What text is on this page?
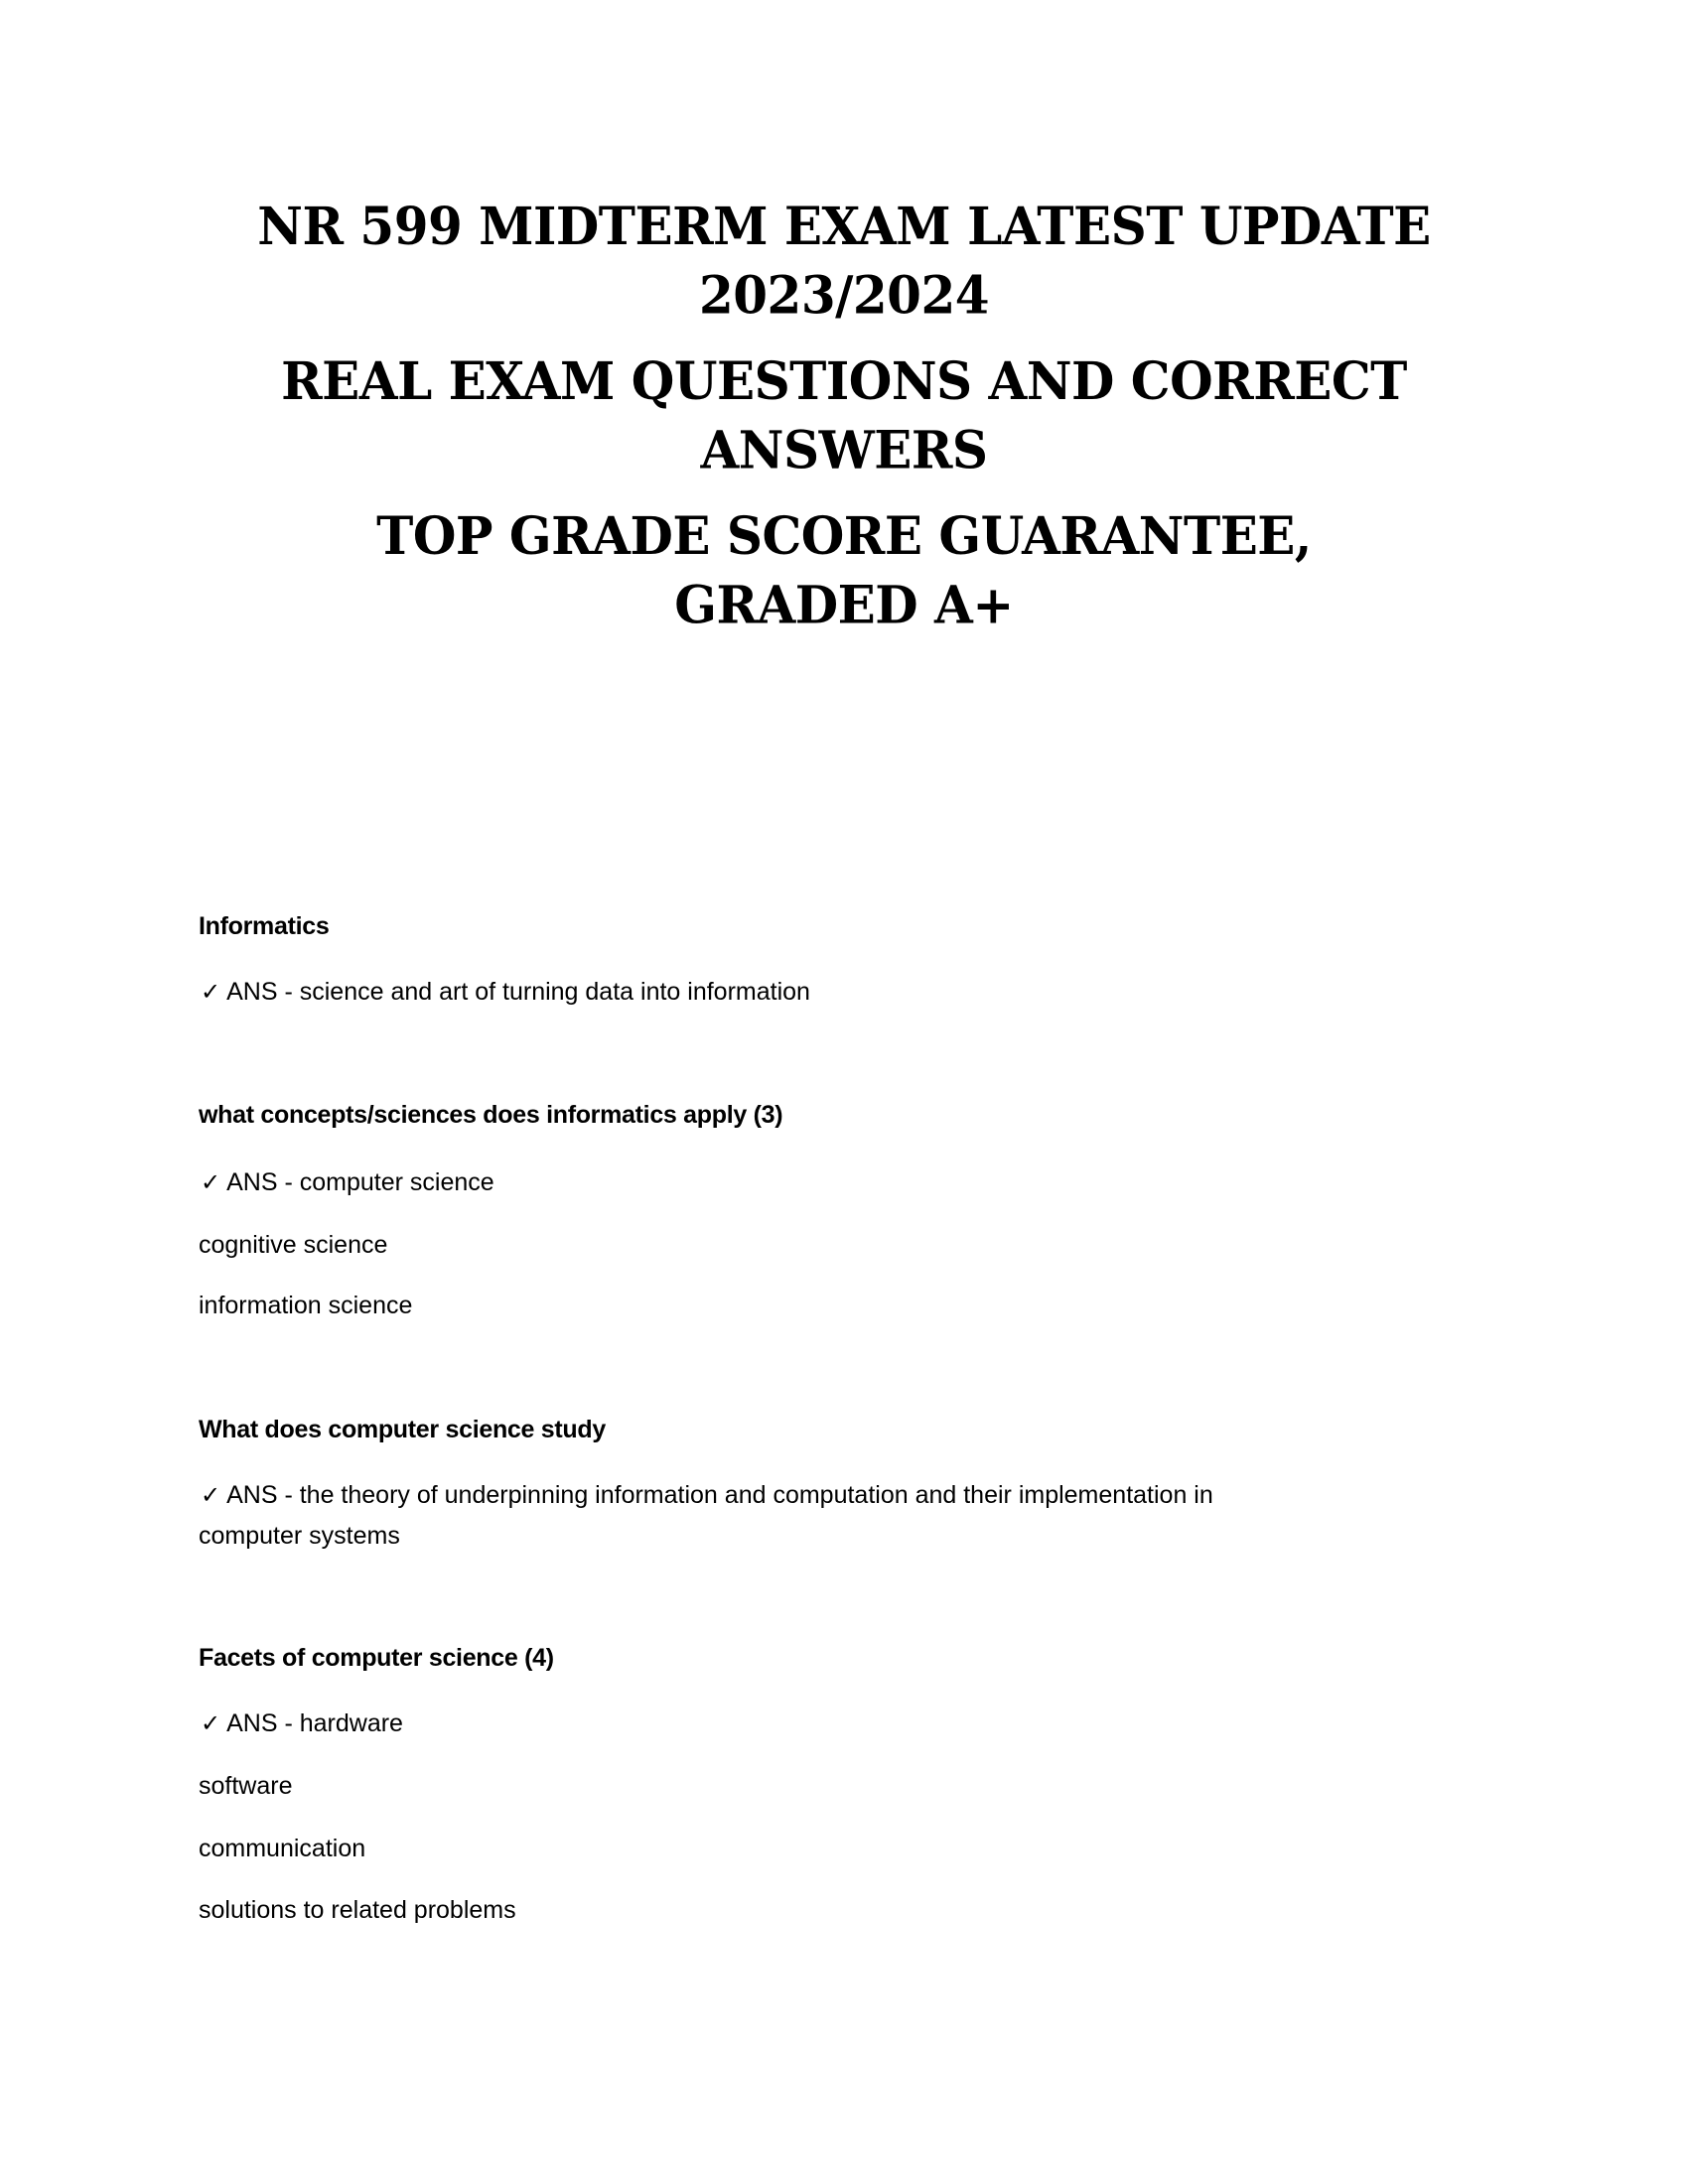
NR 599 MIDTERM EXAM LATEST UPDATE
2023/2024
REAL EXAM QUESTIONS AND CORRECT
ANSWERS
TOP GRADE SCORE GUARANTEE,
GRADED A+
Informatics
✓ ANS - science and art of turning data into information
what concepts/sciences does informatics apply (3)
✓ ANS - computer science
cognitive science
information science
What does computer science study
✓ ANS - the theory of underpinning information and computation and their implementation in
computer systems
Facets of computer science (4)
✓ ANS - hardware
software
communication
solutions to related problems
